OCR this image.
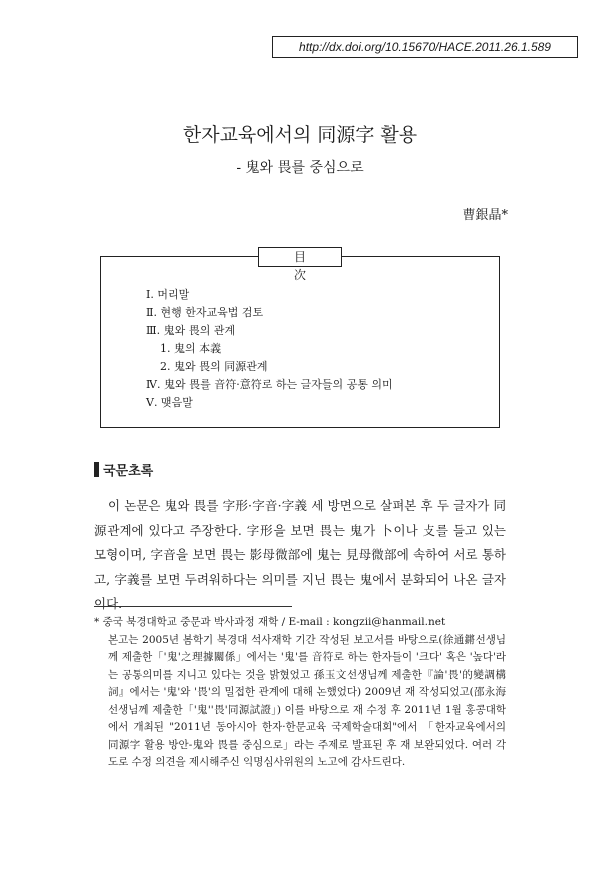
http://dx.doi.org/10.15670/HACE.2011.26.1.589
한자교육에서의 同源字 활용
- 鬼와 畏를 중심으로
曹銀晶*
目 次
Ⅰ. 머리말
Ⅱ. 현행 한자교육법 검토
Ⅲ. 鬼와 畏의 관계
1. 鬼의 本義
2. 鬼와 畏의 同源관계
Ⅳ. 鬼와 畏를 音符·意符로 하는 글자들의 공통 의미
Ⅴ. 맺음말
국문초록

이 논문은 鬼와 畏를 字形·字音·字義 세 방면으로 살펴본 후 두 글자가 同源관계에 있다고 주장한다. 字形을 보면 畏는 鬼가 卜이나 攴를 들고 있는 모형이며, 字音을 보면 畏는 影母微部에 鬼는 見母微部에 속하여 서로 통하고, 字義를 보면 두려워하다는 의미를 지닌 畏는 鬼에서 분화되어 나온 글자이다.

* 중국 북경대학교 중문과 박사과정 재학 / E-mail : kongzii@hanmail.net

본고는 2005년 봄학기 북경대 석사재학 기간 작성된 보고서를 바탕으로(徐通鏘선생님께 제출한「'鬼'之理據關係」에서는 '鬼'를 音符로 하는 한자들이 '크다' 혹은 '높다'라는 공통의미를 지니고 있다는 것을 밝혔었고 孫玉文선생님께 제출한『論'畏'的變調構詞』에서는 '鬼'와 '畏'의 밀접한 관계에 대해 논했었다) 2009년 재 작성되었고(邵永海선생님께 제출한「'鬼''畏'同源試證」) 이를 바탕으로 재 수정 후 2011년 1월 홍콩대학에서 개최된 "2011년 동아시아 한자·한문교육 국제학술대회"에서 「한자교육에서의 同源字 활용 방안-鬼와 畏를 중심으로」라는 주제로 발표된 후 재 보완되었다. 여러 각도로 수정 의견을 제시해주신 익명심사위원의 노고에 감사드린다.
